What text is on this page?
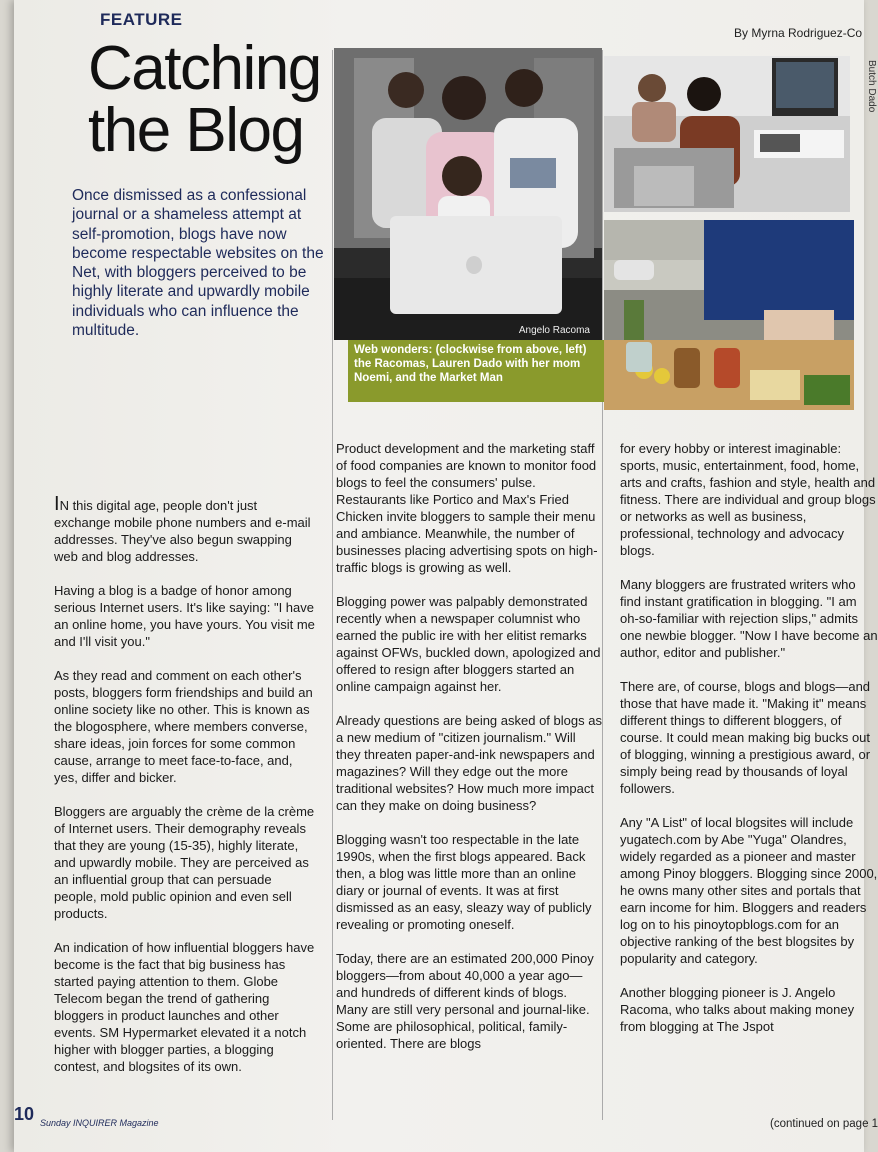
FEATURE
By Myrna Rodriguez-Co
Catching
the Blog
Once dismissed as a confessional journal or a shameless attempt at self-promotion, blogs have now become respectable websites on the Net, with bloggers perceived to be highly literate and upwardly mobile individuals who can influence the multitude.	Angelo Racoma
Web wonders: (clockwise from above, left) the Racomas, Lauren Dado with her mom Noemi, and the Market Man
Butch Dado

IN this digital age, people don't just exchange mobile phone numbers and e-mail addresses. They've also begun swapping web and blog addresses.

Having a blog is a badge of honor among serious Internet users. It's like saying: "I have an online home, you have yours. You visit me and I'll visit you."

As they read and comment on each other's posts, bloggers form friendships and build an online society like no other. This is known as the blogosphere, where members converse, share ideas, join forces for some common cause, arrange to meet face-to-face, and, yes, differ and bicker.

Bloggers are arguably the crème de la crème of Internet users. Their demography reveals that they are young (15-35), highly literate, and upwardly mobile. They are perceived as an influential group that can persuade people, mold public opinion and even sell products.

An indication of how influential bloggers have become is the fact that big business has started paying attention to them. Globe Telecom began the trend of gathering bloggers in product launches and other events. SM Hypermarket elevated it a notch higher with blogger parties, a blogging contest, and blogsites of its own.

Product development and the marketing staff of food companies are known to monitor food blogs to feel the consumers' pulse. Restaurants like Portico and Max's Fried Chicken invite bloggers to sample their menu and ambiance. Meanwhile, the number of businesses placing advertising spots on high-traffic blogs is growing as well.

Blogging power was palpably demonstrated recently when a newspaper columnist who earned the public ire with her elitist remarks against OFWs, buckled down, apologized and offered to resign after bloggers started an online campaign against her.

Already questions are being asked of blogs as a new medium of "citizen journalism." Will they threaten paper-and-ink newspapers and magazines? Will they edge out the more traditional websites? How much more impact can they make on doing business?

Blogging wasn't too respectable in the late 1990s, when the first blogs appeared. Back then, a blog was little more than an online diary or journal of events. It was at first dismissed as an easy, sleazy way of publicly revealing or promoting oneself.

Today, there are an estimated 200,000 Pinoy bloggers—from about 40,000 a year ago—and hundreds of different kinds of blogs. Many are still very personal and journal-like. Some are philosophical, political, family-oriented. There are blogs

for every hobby or interest imaginable: sports, music, entertainment, food, home, arts and crafts, fashion and style, health and fitness. There are individual and group blogs or networks as well as business, professional, technology and advocacy blogs.

Many bloggers are frustrated writers who find instant gratification in blogging. "I am oh-so-familiar with rejection slips," admits one newbie blogger. "Now I have become an author, editor and publisher."

There are, of course, blogs and blogs—and those that have made it. "Making it" means different things to different bloggers, of course. It could mean making big bucks out of blogging, winning a prestigious award, or simply being read by thousands of loyal followers.

Any "A List" of local blogsites will include yugatech.com by Abe "Yuga" Olandres, widely regarded as a pioneer and master among Pinoy bloggers. Blogging since 2000, he owns many other sites and portals that earn income for him. Bloggers and readers log on to his pinoytopblogs.com for an objective ranking of the best blogsites by popularity and category.

Another blogging pioneer is J. Angelo Racoma, who talks about making money from blogging at The Jspot

10 Sunday INQUIRER Magazine	(continued on page 1
